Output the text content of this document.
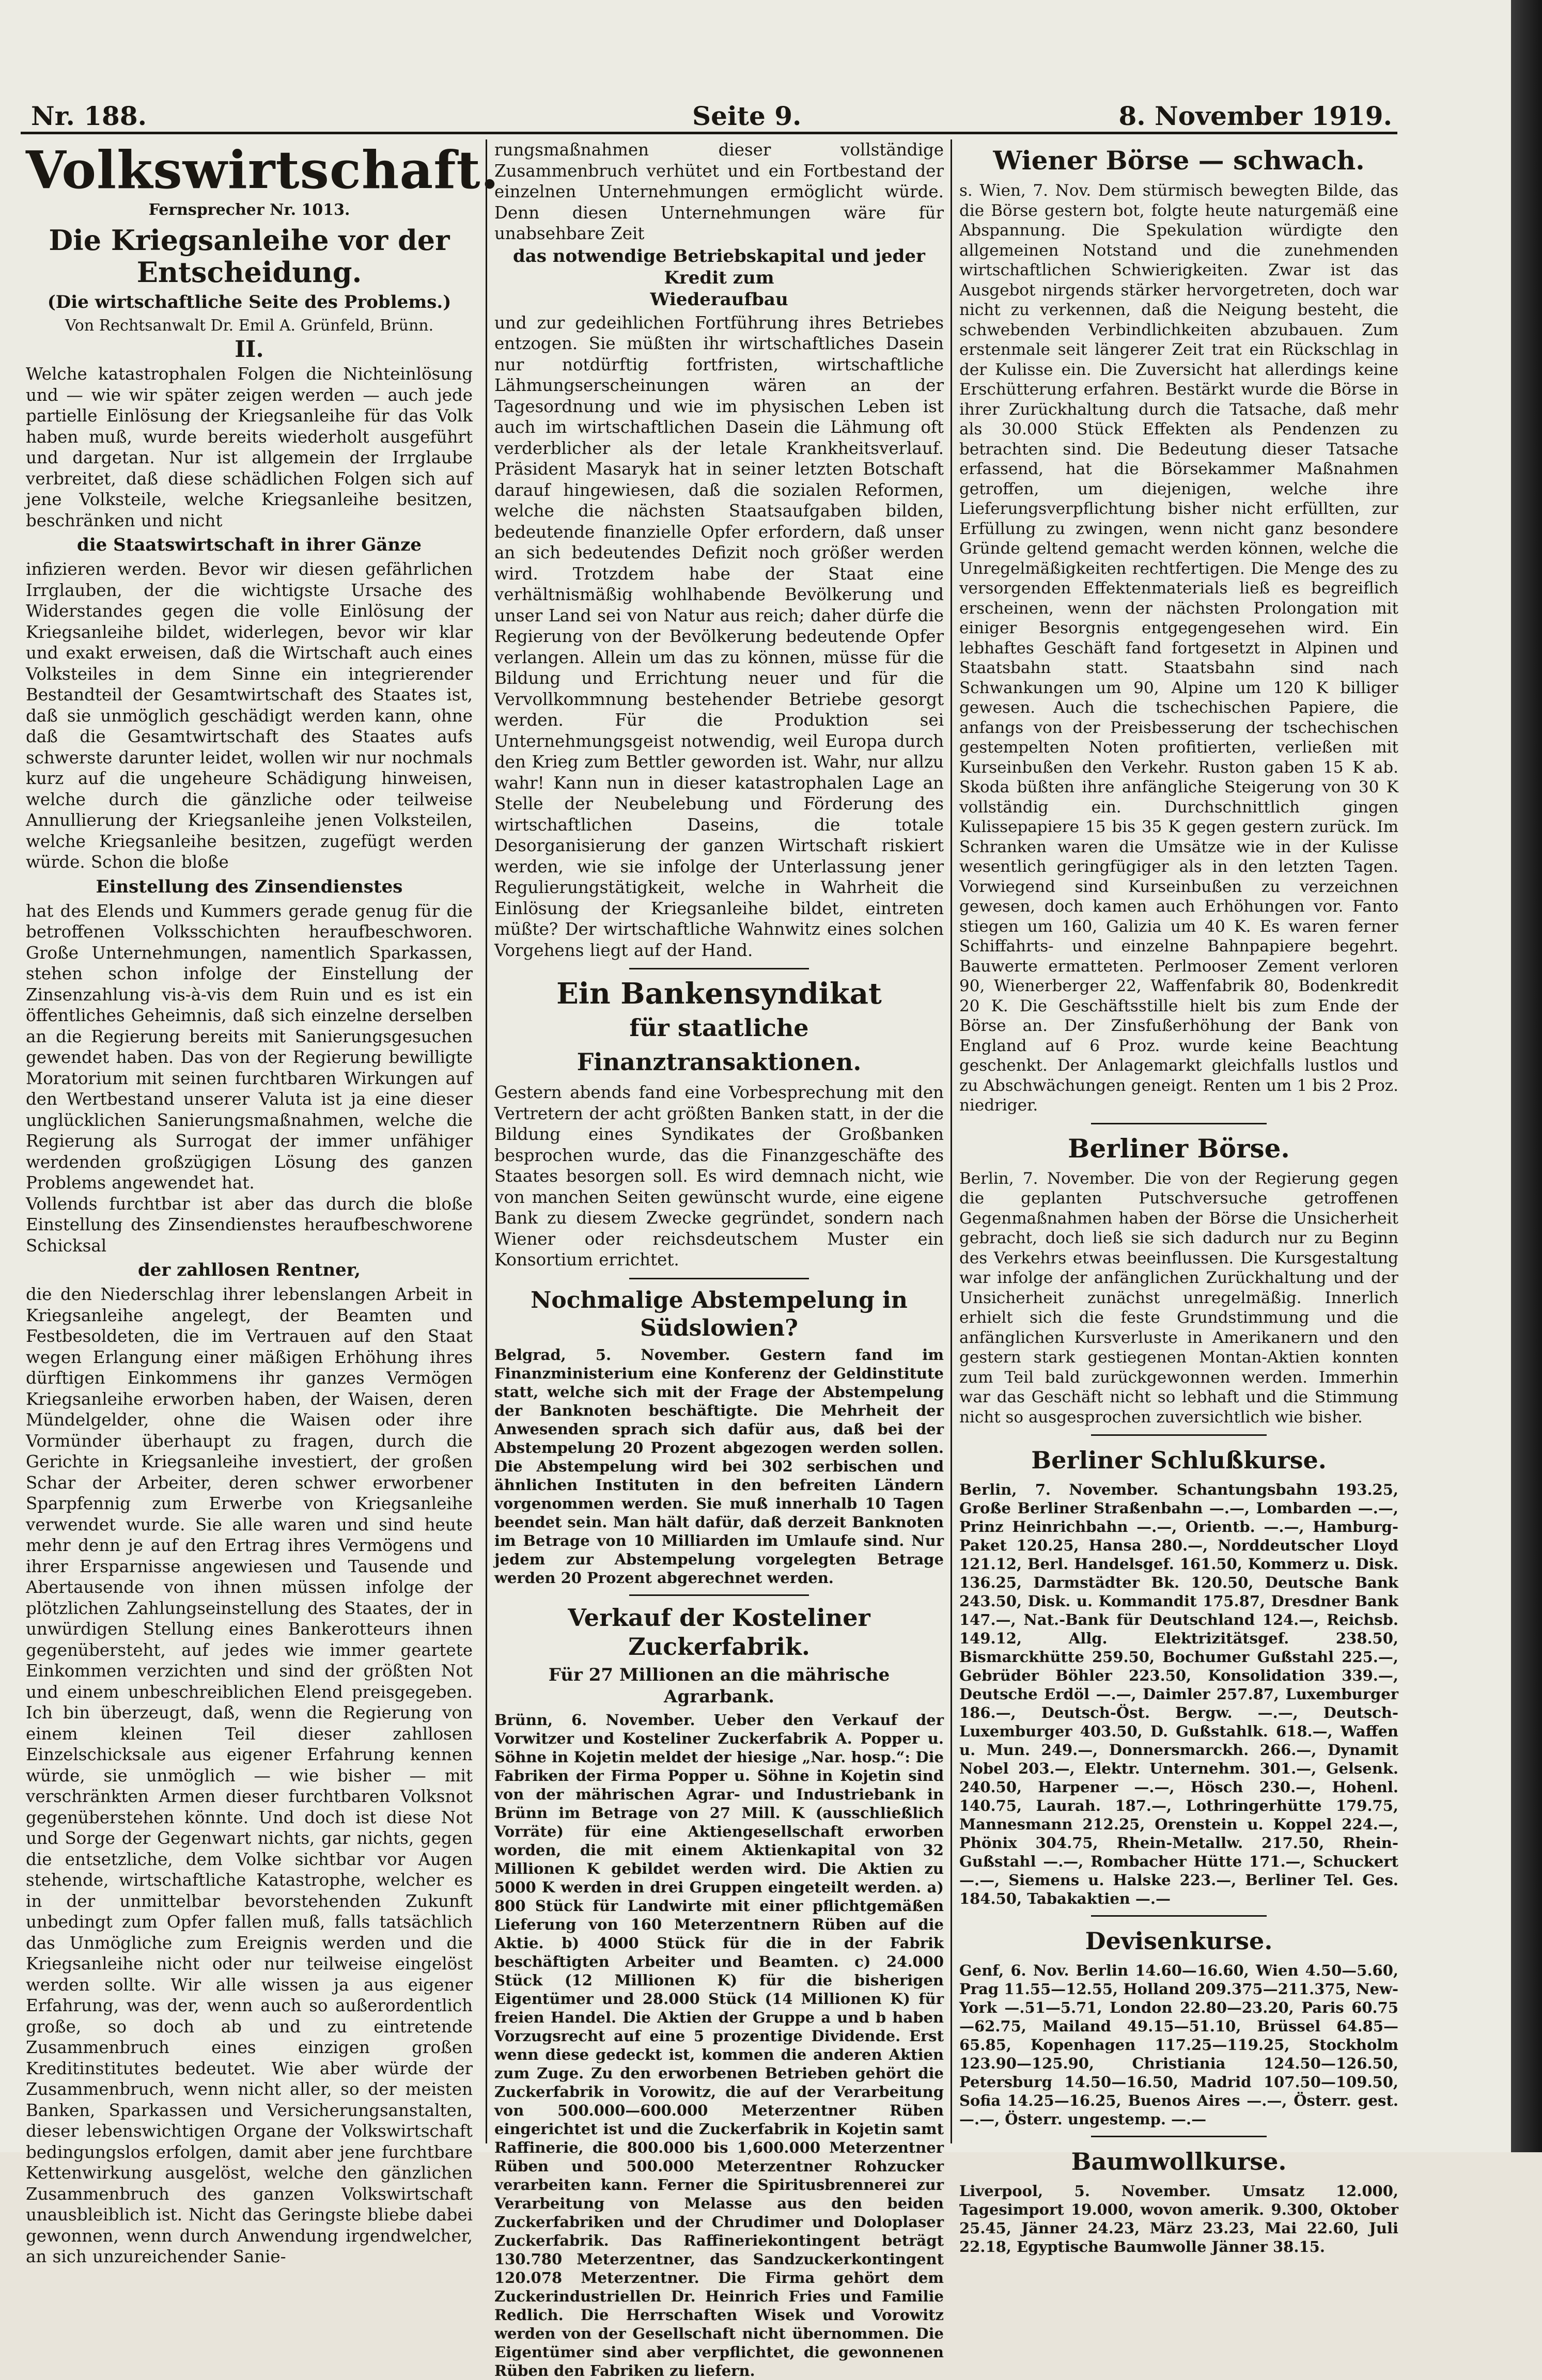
Nr. 188.	Seite 9.	8. November 1919.
Volkswirtschaft.
Fernsprecher Nr. 1013.
Die Kriegsanleihe vor der Entscheidung.
(Die wirtschaftliche Seite des Problems.)
Von Rechtsanwalt Dr. Emil A. Grünfeld, Brünn.
II.

Welche katastrophalen Folgen die Nichteinlösung und — wie wir später zeigen werden — auch jede partielle Einlösung der Kriegsanleihe für das Volk haben muß, wurde bereits wiederholt ausgeführt und dargetan. Nur ist allgemein der Irrglaube verbreitet, daß diese schädlichen Folgen sich auf jene Volksteile, welche Kriegsanleihe besitzen, beschränken und nicht

die Staatswirtschaft in ihrer Gänze

infizieren werden. Bevor wir diesen gefährlichen Irrglauben, der die wichtigste Ursache des Widerstandes gegen die volle Einlösung der Kriegsanleihe bildet, widerlegen, bevor wir klar und exakt erweisen, daß die Wirtschaft auch eines Volksteiles in dem Sinne ein integrierender Bestandteil der Gesamtwirtschaft des Staates ist, daß sie unmöglich geschädigt werden kann, ohne daß die Gesamtwirtschaft des Staates aufs schwerste darunter leidet, wollen wir nur nochmals kurz auf die ungeheure Schädigung hinweisen, welche durch die gänzliche oder teilweise Annullierung der Kriegsanleihe jenen Volksteilen, welche Kriegsanleihe besitzen, zugefügt werden würde. Schon die bloße

Einstellung des Zinsendienstes

hat des Elends und Kummers gerade genug für die betroffenen Volksschichten heraufbeschworen. Große Unternehmungen, namentlich Sparkassen, stehen schon infolge der Einstellung der Zinsenzahlung vis-à-vis dem Ruin und es ist ein öffentliches Geheimnis, daß sich einzelne derselben an die Regierung bereits mit Sanierungsgesuchen gewendet haben. Das von der Regierung bewilligte Moratorium mit seinen furchtbaren Wirkungen auf den Wertbestand unserer Valuta ist ja eine dieser unglücklichen Sanierungsmaßnahmen, welche die Regierung als Surrogat der immer unfähiger werdenden großzügigen Lösung des ganzen Problems angewendet hat.

Vollends furchtbar ist aber das durch die bloße Einstellung des Zinsendienstes heraufbeschworene Schicksal

der zahllosen Rentner,

die den Niederschlag ihrer lebenslangen Arbeit in Kriegsanleihe angelegt, der Beamten und Festbesoldeten, die im Vertrauen auf den Staat wegen Erlangung einer mäßigen Erhöhung ihres dürftigen Einkommens ihr ganzes Vermögen Kriegsanleihe erworben haben, der Waisen, deren Mündelgelder, ohne die Waisen oder ihre Vormünder überhaupt zu fragen, durch die Gerichte in Kriegsanleihe investiert, der großen Schar der Arbeiter, deren schwer erworbener Sparpfennig zum Erwerbe von Kriegsanleihe verwendet wurde. Sie alle waren und sind heute mehr denn je auf den Ertrag ihres Vermögens und ihrer Ersparnisse angewiesen und Tausende und Abertausende von ihnen müssen infolge der plötzlichen Zahlungseinstellung des Staates, der in unwürdigen Stellung eines Bankerotteurs ihnen gegenübersteht, auf jedes wie immer geartete Einkommen verzichten und sind der größten Not und einem unbeschreiblichen Elend preisgegeben. Ich bin überzeugt, daß, wenn die Regierung von einem kleinen Teil dieser zahllosen Einzelschicksale aus eigener Erfahrung kennen würde, sie unmöglich — wie bisher — mit verschränkten Armen dieser furchtbaren Volksnot gegenüberstehen könnte. Und doch ist diese Not und Sorge der Gegenwart nichts, gar nichts, gegen die entsetzliche, dem Volke sichtbar vor Augen stehende, wirtschaftliche Katastrophe, welcher es in der unmittelbar bevorstehenden Zukunft unbedingt zum Opfer fallen muß, falls tatsächlich das Unmögliche zum Ereignis werden und die Kriegsanleihe nicht oder nur teilweise eingelöst werden sollte. Wir alle wissen ja aus eigener Erfahrung, was der, wenn auch so außerordentlich große, so doch ab und zu eintretende Zusammenbruch eines einzigen großen Kreditinstitutes bedeutet. Wie aber würde der Zusammenbruch, wenn nicht aller, so der meisten Banken, Sparkassen und Versicherungsanstalten, dieser lebenswichtigen Organe der Volkswirtschaft bedingungslos erfolgen, damit aber jene furchtbare Kettenwirkung ausgelöst, welche den gänzlichen Zusammenbruch des ganzen Volkswirtschaft unausbleiblich ist. Nicht das Geringste bliebe dabei gewonnen, wenn durch Anwendung irgendwelcher, an sich unzureichender Sanie-

rungsmaßnahmen dieser vollständige Zusammenbruch verhütet und ein Fortbestand der einzelnen Unternehmungen ermöglicht würde. Denn diesen Unternehmungen wäre für unabsehbare Zeit

das notwendige Betriebskapital und jeder Kredit zum
Wiederaufbau

und zur gedeihlichen Fortführung ihres Betriebes entzogen. Sie müßten ihr wirtschaftliches Dasein nur notdürftig fortfristen, wirtschaftliche Lähmungserscheinungen wären an der Tagesordnung und wie im physischen Leben ist auch im wirtschaftlichen Dasein die Lähmung oft verderblicher als der letale Krankheitsverlauf. Präsident Masaryk hat in seiner letzten Botschaft darauf hingewiesen, daß die sozialen Reformen, welche die nächsten Staatsaufgaben bilden, bedeutende finanzielle Opfer erfordern, daß unser an sich bedeutendes Defizit noch größer werden wird. Trotzdem habe der Staat eine verhältnismäßig wohlhabende Bevölkerung und unser Land sei von Natur aus reich; daher dürfe die Regierung von der Bevölkerung bedeutende Opfer verlangen. Allein um das zu können, müsse für die Bildung und Errichtung neuer und für die Vervollkommnung bestehender Betriebe gesorgt werden. Für die Produktion sei Unternehmungsgeist notwendig, weil Europa durch den Krieg zum Bettler geworden ist. Wahr, nur allzu wahr! Kann nun in dieser katastrophalen Lage an Stelle der Neubelebung und Förderung des wirtschaftlichen Daseins, die totale Desorganisierung der ganzen Wirtschaft riskiert werden, wie sie infolge der Unterlassung jener Regulierungstätigkeit, welche in Wahrheit die Einlösung der Kriegsanleihe bildet, eintreten müßte? Der wirtschaftliche Wahnwitz eines solchen Vorgehens liegt auf der Hand.

Ein Bankensyndikat
für staatliche Finanztransaktionen.

Gestern abends fand eine Vorbesprechung mit den Vertretern der acht größten Banken statt, in der die Bildung eines Syndikates der Großbanken besprochen wurde, das die Finanzgeschäfte des Staates besorgen soll. Es wird demnach nicht, wie von manchen Seiten gewünscht wurde, eine eigene Bank zu diesem Zwecke gegründet, sondern nach Wiener oder reichsdeutschem Muster ein Konsortium errichtet.

Nochmalige Abstempelung in Südslowien?

Belgrad, 5. November. Gestern fand im Finanzministerium eine Konferenz der Geldinstitute statt, welche sich mit der Frage der Abstempelung der Banknoten beschäftigte. Die Mehrheit der Anwesenden sprach sich dafür aus, daß bei der Abstempelung 20 Prozent abgezogen werden sollen. Die Abstempelung wird bei 302 serbischen und ähnlichen Instituten in den befreiten Ländern vorgenommen werden. Sie muß innerhalb 10 Tagen beendet sein. Man hält dafür, daß derzeit Banknoten im Betrage von 10 Milliarden im Umlaufe sind. Nur jedem zur Abstempelung vorgelegten Betrage werden 20 Prozent abgerechnet werden.

Verkauf der Kosteliner Zuckerfabrik.
Für 27 Millionen an die mährische Agrarbank.

Brünn, 6. November. Ueber den Verkauf der Vorwitzer und Kosteliner Zuckerfabrik A. Popper u. Söhne in Kojetin meldet der hiesige „Nar. hosp.“: Die Fabriken der Firma Popper u. Söhne in Kojetin sind von der mährischen Agrar- und Industriebank in Brünn im Betrage von 27 Mill. K (ausschließlich Vorräte) für eine Aktiengesellschaft erworben worden, die mit einem Aktienkapital von 32 Millionen K gebildet werden wird. Die Aktien zu 5000 K werden in drei Gruppen eingeteilt werden. a) 800 Stück für Landwirte mit einer pflichtgemäßen Lieferung von 160 Meterzentnern Rüben auf die Aktie. b) 4000 Stück für die in der Fabrik beschäftigten Arbeiter und Beamten. c) 24.000 Stück (12 Millionen K) für die bisherigen Eigentümer und 28.000 Stück (14 Millionen K) für freien Handel. Die Aktien der Gruppe a und b haben Vorzugsrecht auf eine 5 prozentige Dividende. Erst wenn diese gedeckt ist, kommen die anderen Aktien zum Zuge. Zu den erworbenen Betrieben gehört die Zuckerfabrik in Vorowitz, die auf der Verarbeitung von 500.000—600.000 Meterzentner Rüben eingerichtet ist und die Zuckerfabrik in Kojetin samt Raffinerie, die 800.000 bis 1,600.000 Meterzentner Rüben und 500.000 Meterzentner Rohzucker verarbeiten kann. Ferner die Spiritusbrennerei zur Verarbeitung von Melasse aus den beiden Zuckerfabriken und der Chrudimer und Doloplaser Zuckerfabrik. Das Raffineriekontingent beträgt 130.780 Meterzentner, das Sandzuckerkontingent 120.078 Meterzentner. Die Firma gehört dem Zuckerindustriellen Dr. Heinrich Fries und Familie Redlich. Die Herrschaften Wisek und Vorowitz werden von der Gesellschaft nicht übernommen. Die Eigentümer sind aber verpflichtet, die gewonnenen Rüben den Fabriken zu liefern.

Wiener Börse — schwach.

s. Wien, 7. Nov. Dem stürmisch bewegten Bilde, das die Börse gestern bot, folgte heute naturgemäß eine Abspannung. Die Spekulation würdigte den allgemeinen Notstand und die zunehmenden wirtschaftlichen Schwierigkeiten. Zwar ist das Ausgebot nirgends stärker hervorgetreten, doch war nicht zu verkennen, daß die Neigung besteht, die schwebenden Verbindlichkeiten abzubauen. Zum erstenmale seit längerer Zeit trat ein Rückschlag in der Kulisse ein. Die Zuversicht hat allerdings keine Erschütterung erfahren. Bestärkt wurde die Börse in ihrer Zurückhaltung durch die Tatsache, daß mehr als 30.000 Stück Effekten als Pendenzen zu betrachten sind. Die Bedeutung dieser Tatsache erfassend, hat die Börsekammer Maßnahmen getroffen, um diejenigen, welche ihre Lieferungsverpflichtung bisher nicht erfüllten, zur Erfüllung zu zwingen, wenn nicht ganz besondere Gründe geltend gemacht werden können, welche die Unregelmäßigkeiten rechtfertigen. Die Menge des zu versorgenden Effektenmaterials ließ es begreiflich erscheinen, wenn der nächsten Prolongation mit einiger Besorgnis entgegengesehen wird. Ein lebhaftes Geschäft fand fortgesetzt in Alpinen und Staatsbahn statt. Staatsbahn sind nach Schwankungen um 90, Alpine um 120 K billiger gewesen. Auch die tschechischen Papiere, die anfangs von der Preisbesserung der tschechischen gestempelten Noten profitierten, verließen mit Kurseinbußen den Verkehr. Ruston gaben 15 K ab. Skoda büßten ihre anfängliche Steigerung von 30 K vollständig ein. Durchschnittlich gingen Kulissepapiere 15 bis 35 K gegen gestern zurück. Im Schranken waren die Umsätze wie in der Kulisse wesentlich geringfügiger als in den letzten Tagen. Vorwiegend sind Kurseinbußen zu verzeichnen gewesen, doch kamen auch Erhöhungen vor. Fanto stiegen um 160, Galizia um 40 K. Es waren ferner Schiffahrts- und einzelne Bahnpapiere begehrt. Bauwerte ermatteten. Perlmooser Zement verloren 90, Wienerberger 22, Waffenfabrik 80, Bodenkredit 20 K. Die Geschäftsstille hielt bis zum Ende der Börse an. Der Zinsfußerhöhung der Bank von England auf 6 Proz. wurde keine Beachtung geschenkt. Der Anlagemarkt gleichfalls lustlos und zu Abschwächungen geneigt. Renten um 1 bis 2 Proz. niedriger.

Berliner Börse.

Berlin, 7. November. Die von der Regierung gegen die geplanten Putschversuche getroffenen Gegenmaßnahmen haben der Börse die Unsicherheit gebracht, doch ließ sie sich dadurch nur zu Beginn des Verkehrs etwas beeinflussen. Die Kursgestaltung war infolge der anfänglichen Zurückhaltung und der Unsicherheit zunächst unregelmäßig. Innerlich erhielt sich die feste Grundstimmung und die anfänglichen Kursverluste in Amerikanern und den gestern stark gestiegenen Montan-Aktien konnten zum Teil bald zurückgewonnen werden. Immerhin war das Geschäft nicht so lebhaft und die Stimmung nicht so ausgesprochen zuversichtlich wie bisher.

Berliner Schlußkurse.

Berlin, 7. November. Schantungsbahn 193.25, Große Berliner Straßenbahn —.—, Lombarden —.—, Prinz Heinrichbahn —.—, Orientb. —.—, Hamburg-Paket 120.25, Hansa 280.—, Norddeutscher Lloyd 121.12, Berl. Handelsgef. 161.50, Kommerz u. Disk. 136.25, Darmstädter Bk. 120.50, Deutsche Bank 243.50, Disk. u. Kommandit 175.87, Dresdner Bank 147.—, Nat.-Bank für Deutschland 124.—, Reichsb. 149.12, Allg. Elektrizitätsgef. 238.50, Bismarckhütte 259.50, Bochumer Gußstahl 225.—, Gebrüder Böhler 223.50, Konsolidation 339.—, Deutsche Erdöl —.—, Daimler 257.87, Luxemburger 186.—, Deutsch-Öst. Bergw. —.—, Deutsch-Luxemburger 403.50, D. Gußstahlk. 618.—, Waffen u. Mun. 249.—, Donnersmarckh. 266.—, Dynamit Nobel 203.—, Elektr. Unternehm. 301.—, Gelsenk. 240.50, Harpener —.—, Hösch 230.—, Hohenl. 140.75, Laurah. 187.—, Lothringerhütte 179.75, Mannesmann 212.25, Orenstein u. Koppel 224.—, Phönix 304.75, Rhein-Metallw. 217.50, Rhein-Gußstahl —.—, Rombacher Hütte 171.—, Schuckert —.—, Siemens u. Halske 223.—, Berliner Tel. Ges. 184.50, Tabakaktien —.—

Devisenkurse.

Genf, 6. Nov. Berlin 14.60—16.60, Wien 4.50—5.60, Prag 11.55—12.55, Holland 209.375—211.375, New-York —.51—5.71, London 22.80—23.20, Paris 60.75—62.75, Mailand 49.15—51.10, Brüssel 64.85—65.85, Kopenhagen 117.25—119.25, Stockholm 123.90—125.90, Christiania 124.50—126.50, Petersburg 14.50—16.50, Madrid 107.50—109.50, Sofia 14.25—16.25, Buenos Aires —.—, Österr. gest. —.—, Österr. ungestemp. —.—

Baumwollkurse.

Liverpool, 5. November. Umsatz 12.000, Tagesimport 19.000, wovon amerik. 9.300, Oktober 25.45, Jänner 24.23, März 23.23, Mai 22.60, Juli 22.18, Egyptische Baumwolle Jänner 38.15.
